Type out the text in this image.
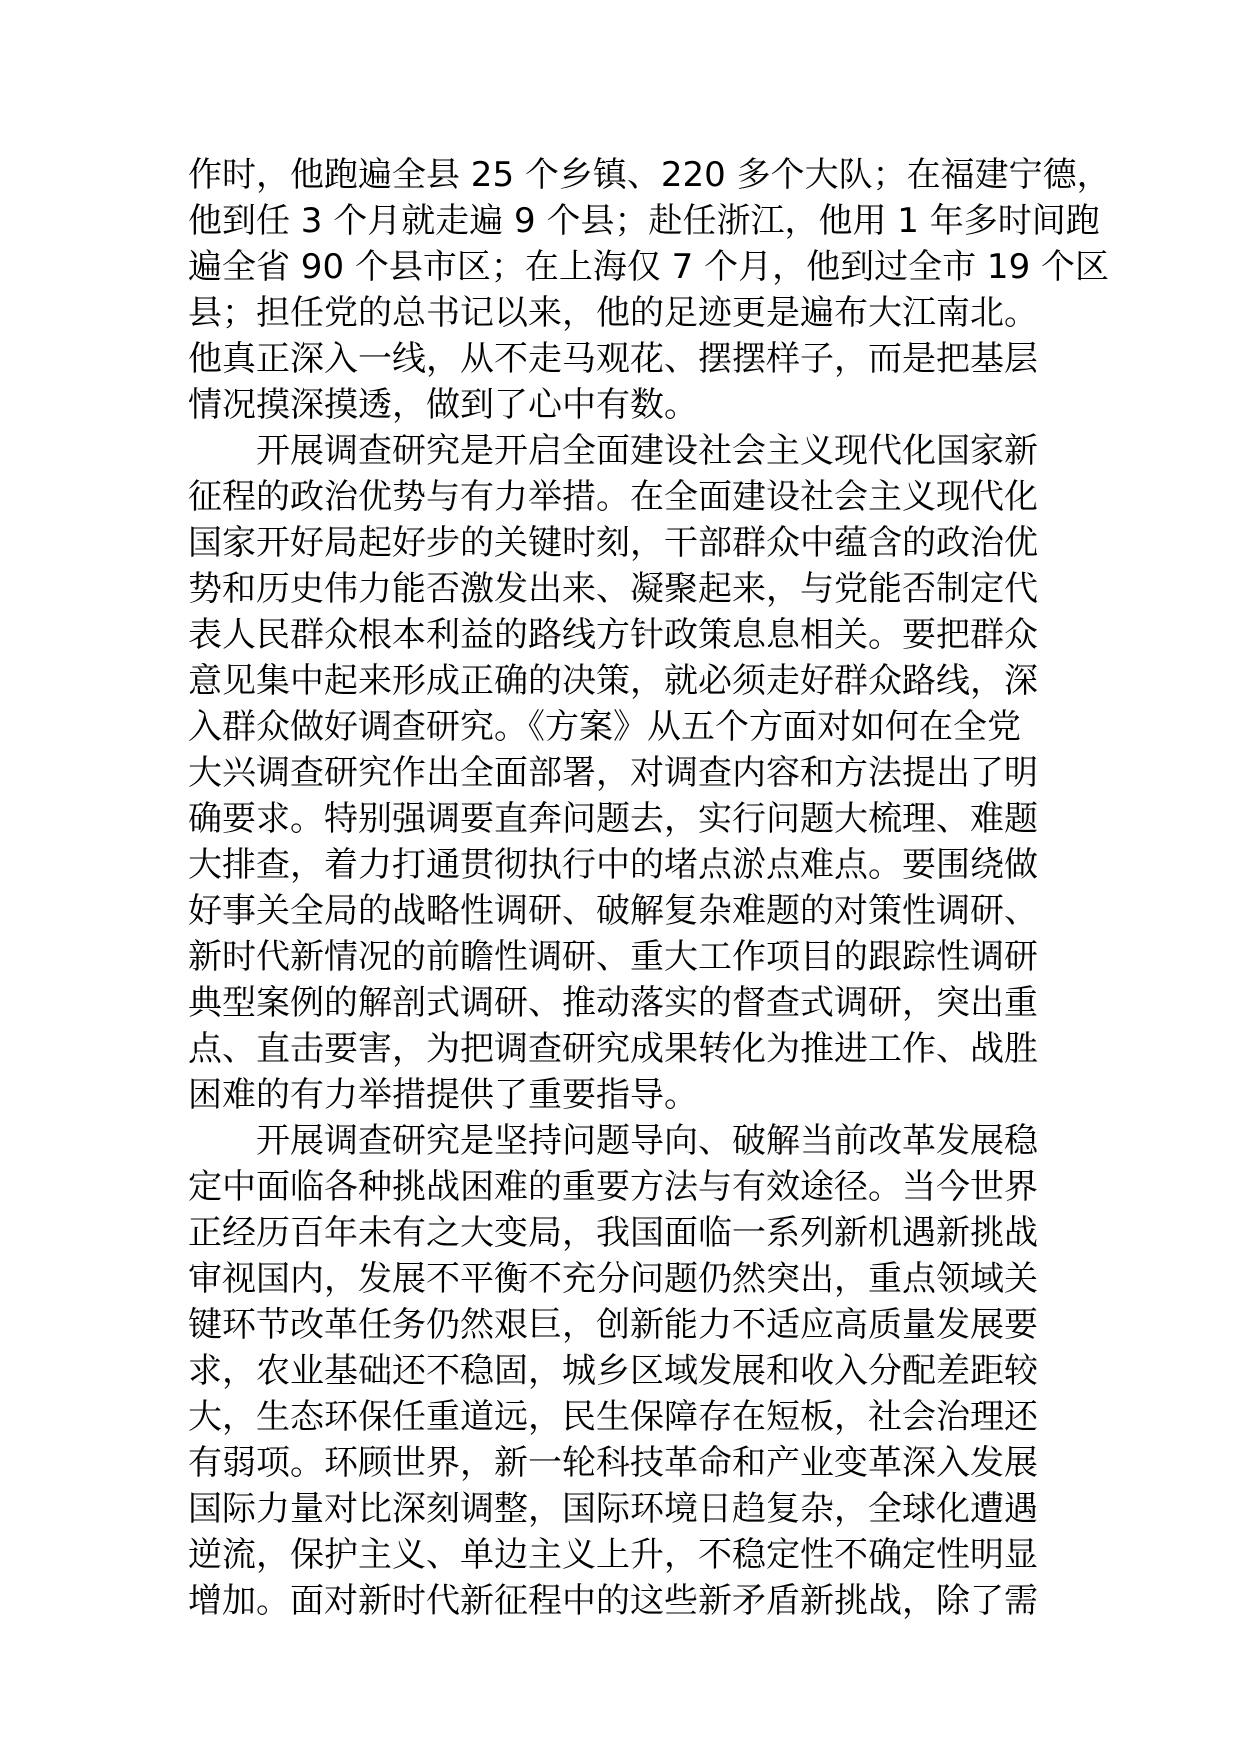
作时，他跑遍全县 25 个乡镇、220 多个大队；在福建宁德，
他到任 3 个月就走遍 9 个县；赴任浙江，他用 1 年多时间跑
遍全省 90 个县市区；在上海仅 7 个月，他到过全市 19 个区
县；担任党的总书记以来，他的足迹更是遍布大江南北。
他真正深入一线，从不走马观花、摆摆样子，而是把基层
情况摸深摸透，做到了心中有数。
　　开展调查研究是开启全面建设社会主义现代化国家新
征程的政治优势与有力举措。在全面建设社会主义现代化
国家开好局起好步的关键时刻，干部群众中蕴含的政治优
势和历史伟力能否激发出来、凝聚起来，与党能否制定代
表人民群众根本利益的路线方针政策息息相关。要把群众
意见集中起来形成正确的决策，就必须走好群众路线，深
入群众做好调查研究。《方案》从五个方面对如何在全党
大兴调查研究作出全面部署，对调查内容和方法提出了明
确要求。特别强调要直奔问题去，实行问题大梳理、难题
大排查，着力打通贯彻执行中的堵点淤点难点。要围绕做
好事关全局的战略性调研、破解复杂难题的对策性调研、
新时代新情况的前瞻性调研、重大工作项目的跟踪性调研
典型案例的解剖式调研、推动落实的督查式调研，突出重
点、直击要害，为把调查研究成果转化为推进工作、战胜
困难的有力举措提供了重要指导。
　　开展调查研究是坚持问题导向、破解当前改革发展稳
定中面临各种挑战困难的重要方法与有效途径。当今世界
正经历百年未有之大变局，我国面临一系列新机遇新挑战
审视国内，发展不平衡不充分问题仍然突出，重点领域关
键环节改革任务仍然艰巨，创新能力不适应高质量发展要
求，农业基础还不稳固，城乡区域发展和收入分配差距较
大，生态环保任重道远，民生保障存在短板，社会治理还
有弱项。环顾世界，新一轮科技革命和产业变革深入发展
国际力量对比深刻调整，国际环境日趋复杂，全球化遭遇
逆流，保护主义、单边主义上升，不稳定性不确定性明显
增加。面对新时代新征程中的这些新矛盾新挑战，除了需
